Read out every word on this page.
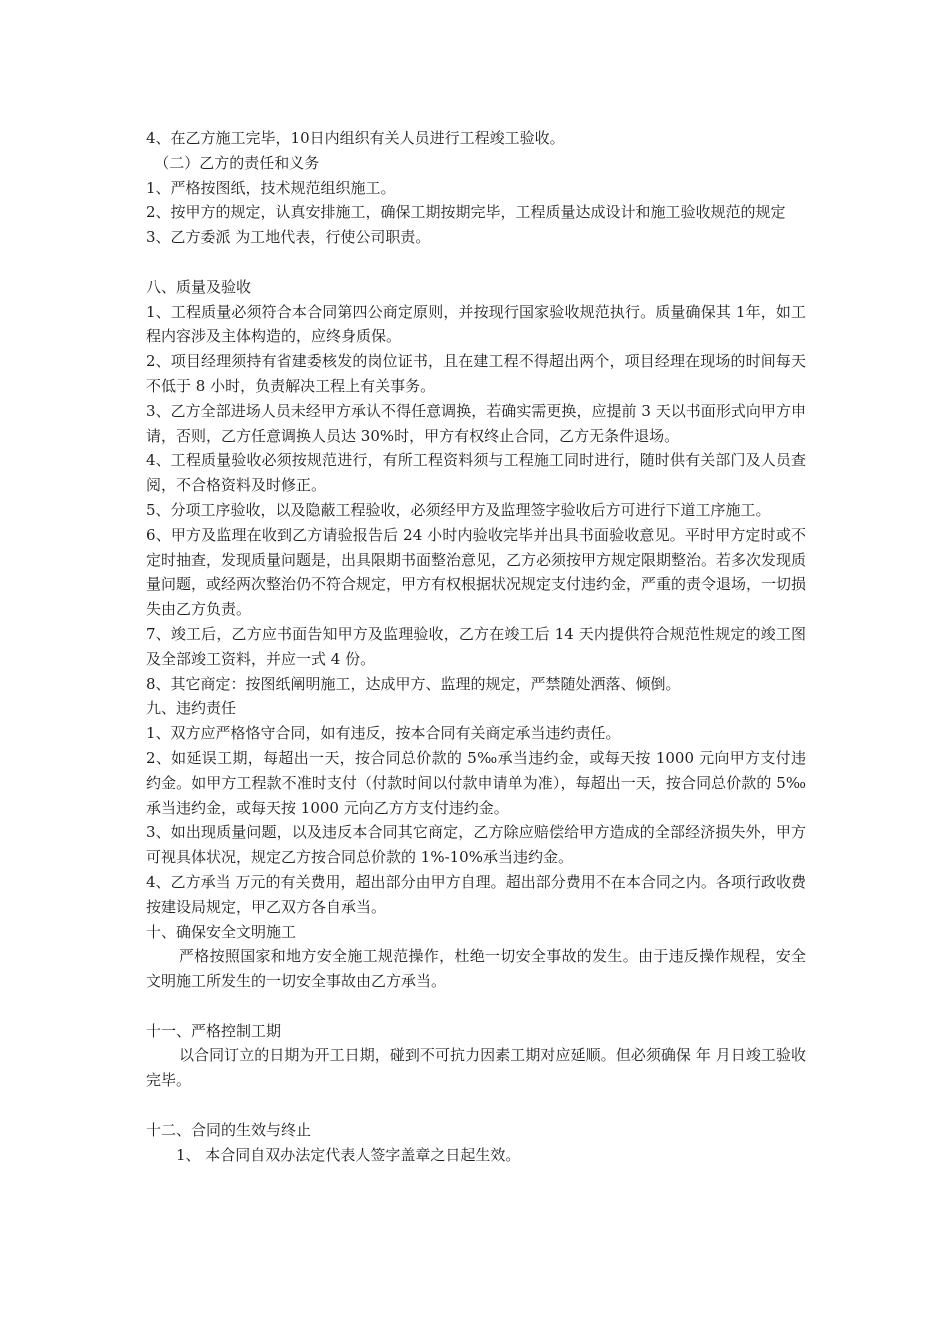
4、在乙方施工完毕，10日内组织有关人员进行工程竣工验收。

（二）乙方的责任和义务

1、严格按图纸，技术规范组织施工。

2、按甲方的规定，认真安排施工，确保工期按期完毕，工程质量达成设计和施工验收规范的规定

3、乙方委派 为工地代表，行使公司职责。

八、质量及验收

1、工程质量必须符合本合同第四公商定原则，并按现行国家验收规范执行。质量确保其 1年，如工程内容涉及主体构造的，应终身质保。

2、项目经理须持有省建委核发的岗位证书，且在建工程不得超出两个，项目经理在现场的时间每天不低于 8 小时，负责解决工程上有关事务。

3、乙方全部进场人员未经甲方承认不得任意调换，若确实需更换，应提前 3 天以书面形式向甲方申请，否则，乙方任意调换人员达 30%时，甲方有权终止合同，乙方无条件退场。

4、工程质量验收必须按规范进行，有所工程资料须与工程施工同时进行，随时供有关部门及人员查阅，不合格资料及时修正。

5、分项工序验收，以及隐蔽工程验收，必须经甲方及监理签字验收后方可进行下道工序施工。

6、甲方及监理在收到乙方请验报告后 24 小时内验收完毕并出具书面验收意见。平时甲方定时或不定时抽查，发现质量问题是，出具限期书面整治意见，乙方必须按甲方规定限期整治。若多次发现质量问题，或经两次整治仍不符合规定，甲方有权根据状况规定支付违约金，严重的责令退场，一切损失由乙方负责。

7、竣工后，乙方应书面告知甲方及监理验收，乙方在竣工后 14 天内提供符合规范性规定的竣工图及全部竣工资料，并应一式 4 份。

8、其它商定：按图纸阐明施工，达成甲方、监理的规定，严禁随处洒落、倾倒。

九、违约责任

1、双方应严格恪守合同，如有违反，按本合同有关商定承当违约责任。

2、如延误工期，每超出一天，按合同总价款的 5‰承当违约金，或每天按 1000 元向甲方支付违约金。如甲方工程款不准时支付（付款时间以付款申请单为准），每超出一天，按合同总价款的 5‰承当违约金，或每天按 1000 元向乙方方支付违约金。

3、如出现质量问题，以及违反本合同其它商定，乙方除应赔偿给甲方造成的全部经济损失外，甲方可视具体状况，规定乙方按合同总价款的 1%-10%承当违约金。

4、乙方承当 万元的有关费用，超出部分由甲方自理。超出部分费用不在本合同之内。各项行政收费按建设局规定，甲乙双方各自承当。

十、确保安全文明施工

严格按照国家和地方安全施工规范操作，杜绝一切安全事故的发生。由于违反操作规程，安全文明施工所发生的一切安全事故由乙方承当。

十一、严格控制工期

以合同订立的日期为开工日期，碰到不可抗力因素工期对应延顺。但必须确保 年 月日竣工验收完毕。

十二、合同的生效与终止

1、 本合同自双办法定代表人签字盖章之日起生效。
